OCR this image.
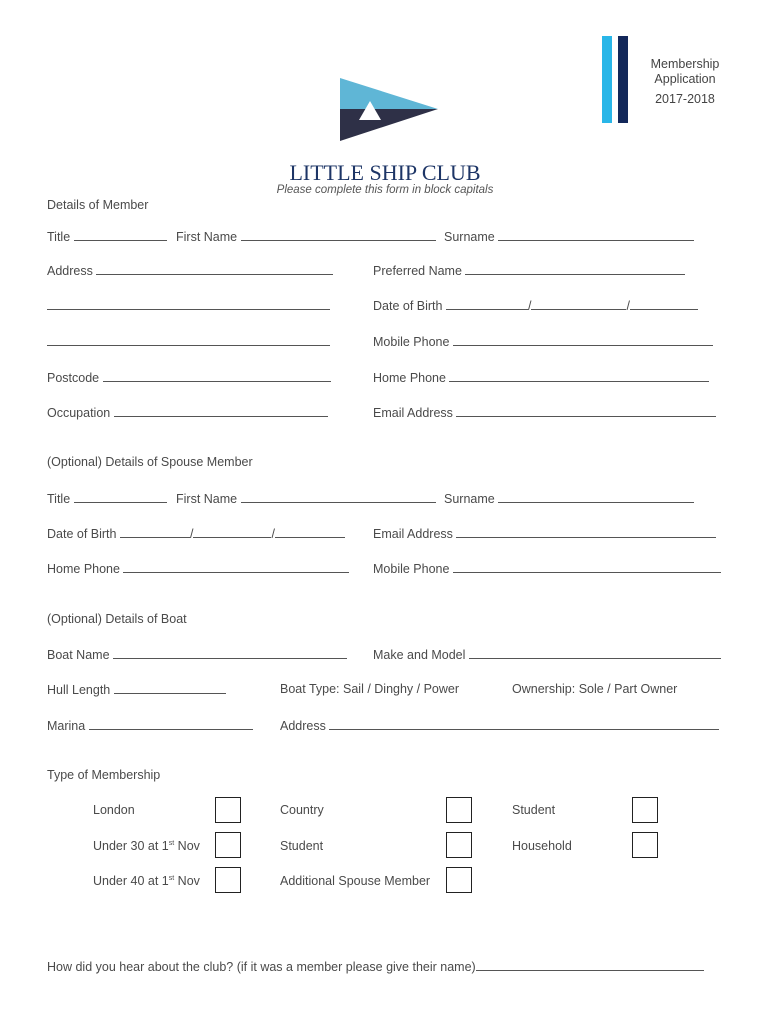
Membership
Application
2017-2018
LITTLE SHIP CLUB
Please complete this form in block capitals
Details of Member
Title	First Name	Surname
Address	Preferred Name
Date of Birth	/	/
Mobile Phone
Postcode	Home Phone
Occupation	Email Address
(Optional) Details of Spouse Member
Title	First Name	Surname
Date of Birth	/	/	Email Address
Home Phone	Mobile Phone
(Optional) Details of Boat
Boat Name	Make and Model
Hull Length	Boat Type: Sail / Dinghy / Power	Ownership: Sole / Part Owner
Marina	Address
Type of Membership
London	Country	Student
Under 30 at 1st Nov	Student	Household
Under 40 at 1st Nov	Additional Spouse Member
How did you hear about the club? (if it was a member please give their name)
